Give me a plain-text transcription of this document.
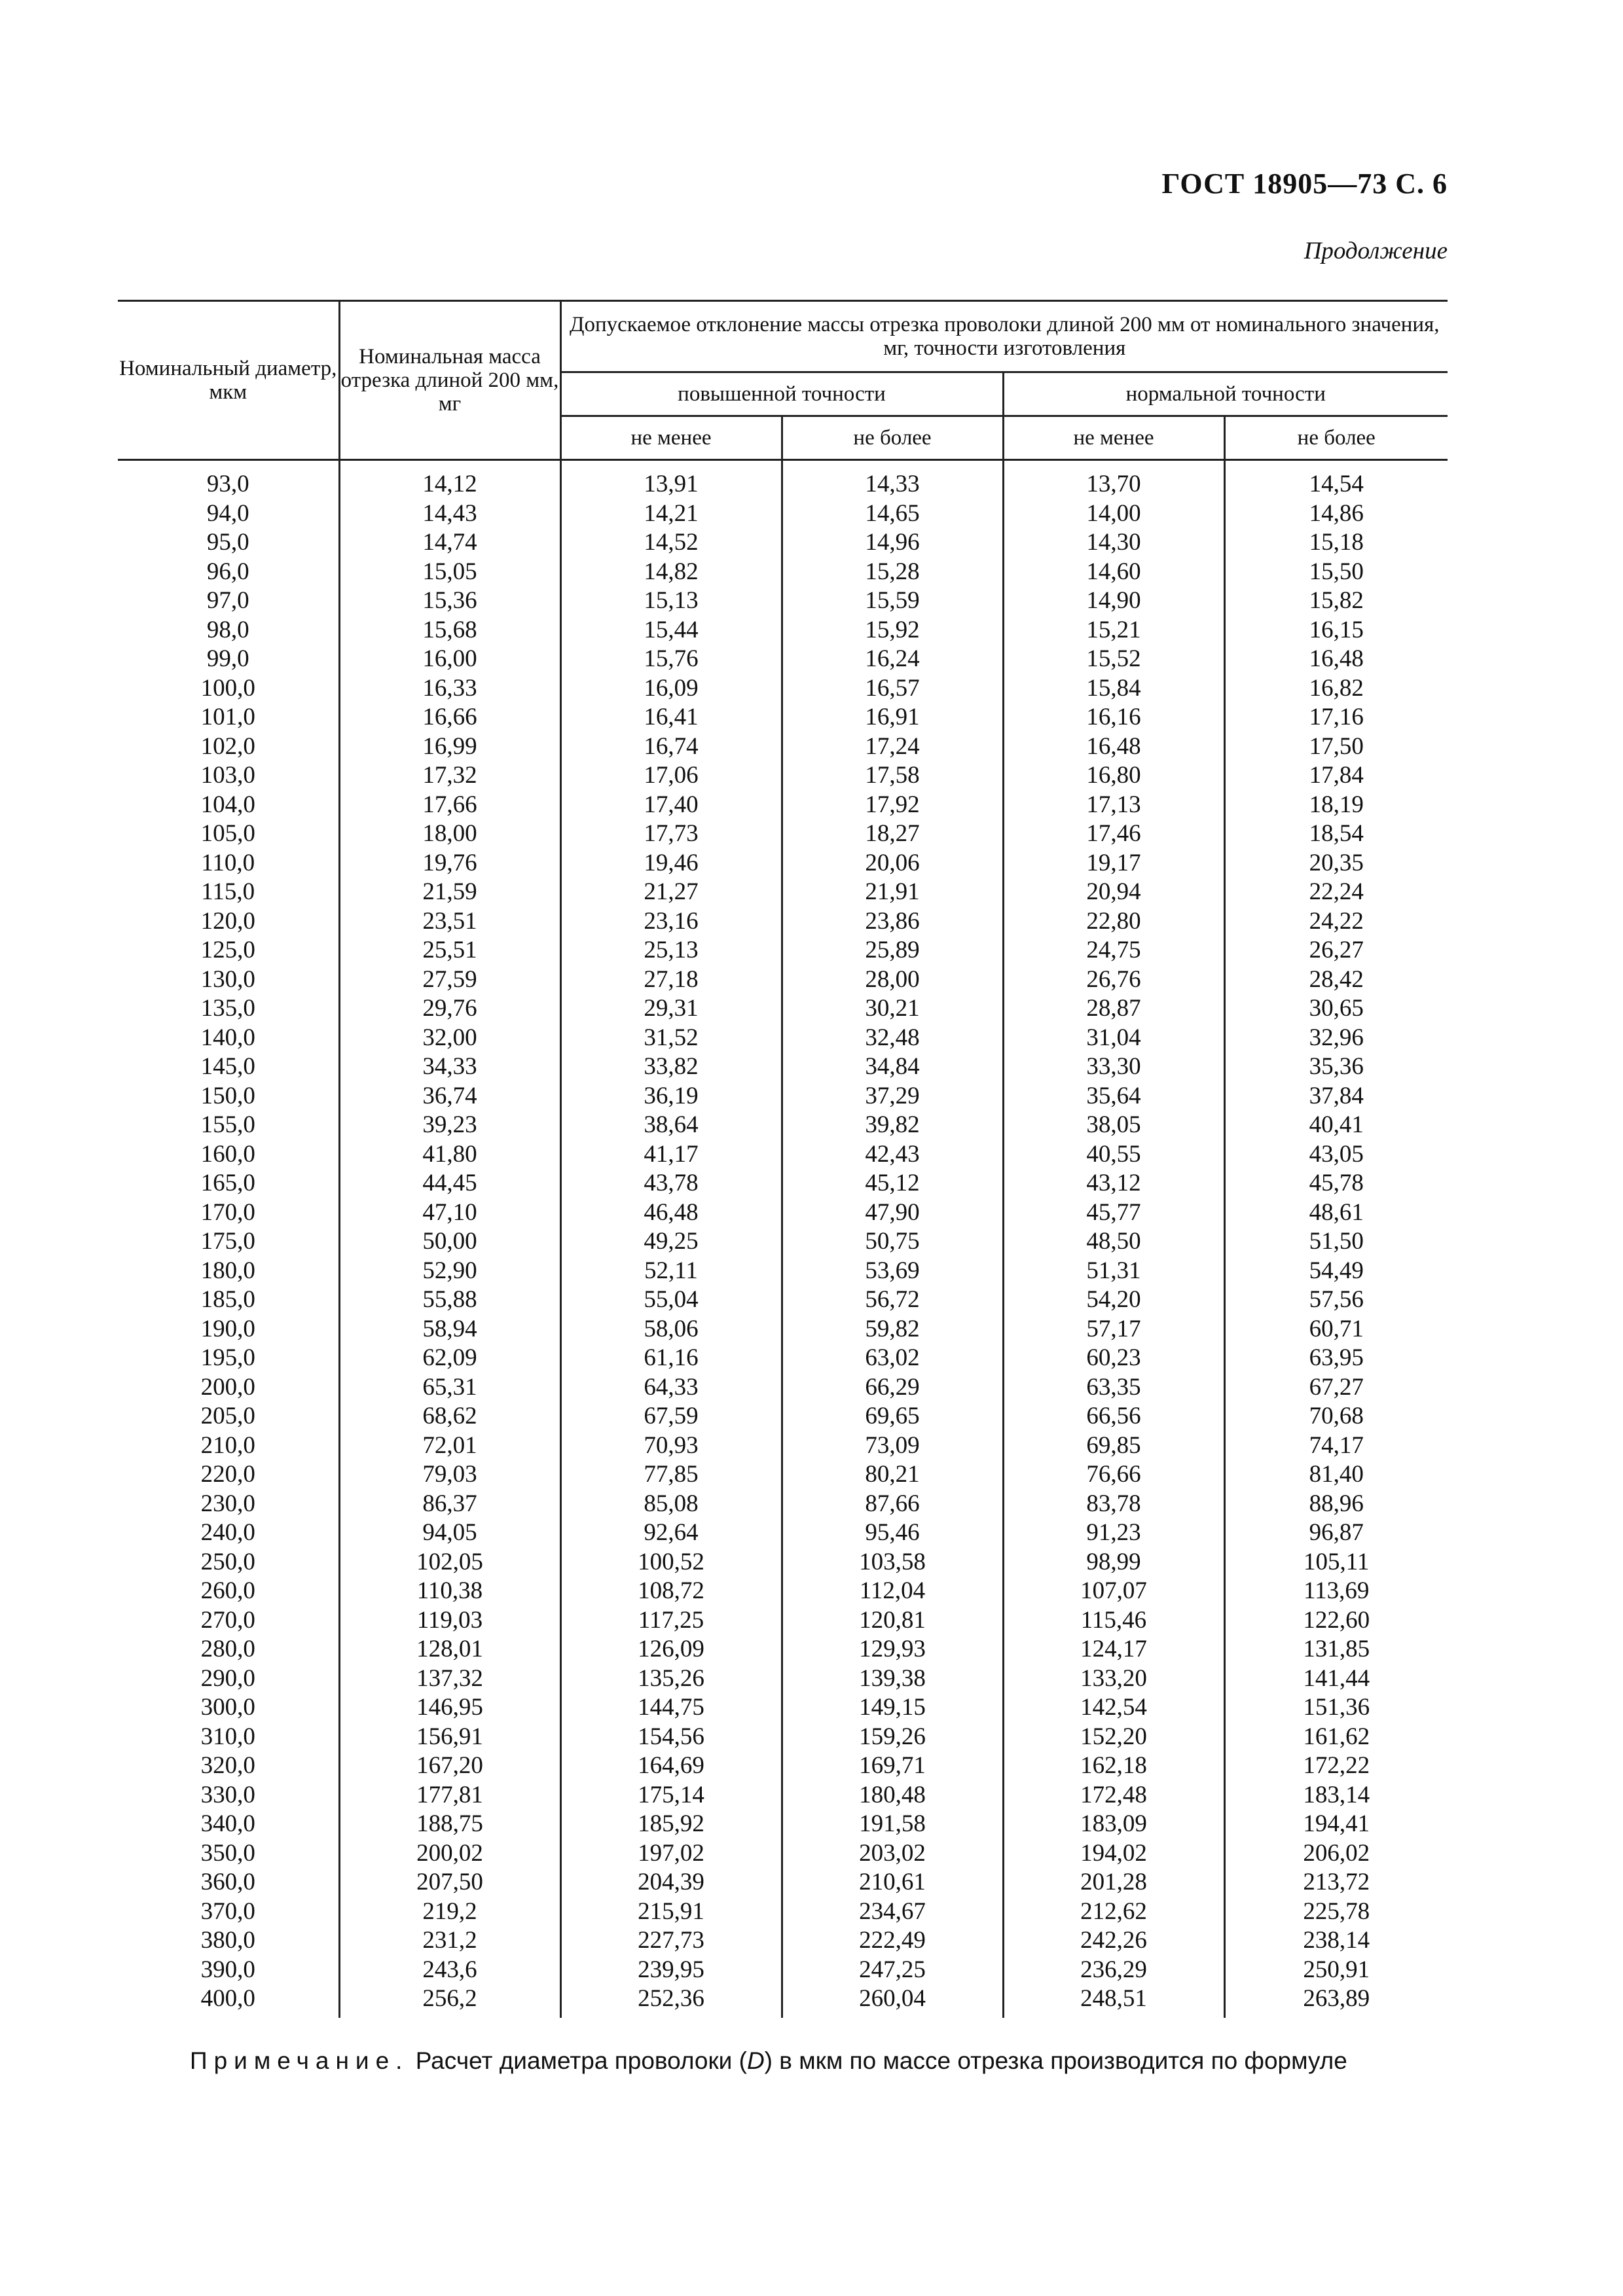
ГОСТ 18905—73 С. 6
Продолжение
Номинальный диаметр, мкм	Номинальная масса отрезка длиной 200 мм, мг	Допускаемое отклонение массы отрезка проволоки длиной 200 мм от номинального значения, мг, точности изготовления			
		повышенной точности		нормальной точности	
		не менее	не более	не менее	не более
93,0	14,12	13,91	14,33	13,70	14,54
94,0	14,43	14,21	14,65	14,00	14,86
95,0	14,74	14,52	14,96	14,30	15,18
96,0	15,05	14,82	15,28	14,60	15,50
97,0	15,36	15,13	15,59	14,90	15,82
98,0	15,68	15,44	15,92	15,21	16,15
99,0	16,00	15,76	16,24	15,52	16,48
100,0	16,33	16,09	16,57	15,84	16,82
101,0	16,66	16,41	16,91	16,16	17,16
102,0	16,99	16,74	17,24	16,48	17,50
103,0	17,32	17,06	17,58	16,80	17,84
104,0	17,66	17,40	17,92	17,13	18,19
105,0	18,00	17,73	18,27	17,46	18,54
110,0	19,76	19,46	20,06	19,17	20,35
115,0	21,59	21,27	21,91	20,94	22,24
120,0	23,51	23,16	23,86	22,80	24,22
125,0	25,51	25,13	25,89	24,75	26,27
130,0	27,59	27,18	28,00	26,76	28,42
135,0	29,76	29,31	30,21	28,87	30,65
140,0	32,00	31,52	32,48	31,04	32,96
145,0	34,33	33,82	34,84	33,30	35,36
150,0	36,74	36,19	37,29	35,64	37,84
155,0	39,23	38,64	39,82	38,05	40,41
160,0	41,80	41,17	42,43	40,55	43,05
165,0	44,45	43,78	45,12	43,12	45,78
170,0	47,10	46,48	47,90	45,77	48,61
175,0	50,00	49,25	50,75	48,50	51,50
180,0	52,90	52,11	53,69	51,31	54,49
185,0	55,88	55,04	56,72	54,20	57,56
190,0	58,94	58,06	59,82	57,17	60,71
195,0	62,09	61,16	63,02	60,23	63,95
200,0	65,31	64,33	66,29	63,35	67,27
205,0	68,62	67,59	69,65	66,56	70,68
210,0	72,01	70,93	73,09	69,85	74,17
220,0	79,03	77,85	80,21	76,66	81,40
230,0	86,37	85,08	87,66	83,78	88,96
240,0	94,05	92,64	95,46	91,23	96,87
250,0	102,05	100,52	103,58	98,99	105,11
260,0	110,38	108,72	112,04	107,07	113,69
270,0	119,03	117,25	120,81	115,46	122,60
280,0	128,01	126,09	129,93	124,17	131,85
290,0	137,32	135,26	139,38	133,20	141,44
300,0	146,95	144,75	149,15	142,54	151,36
310,0	156,91	154,56	159,26	152,20	161,62
320,0	167,20	164,69	169,71	162,18	172,22
330,0	177,81	175,14	180,48	172,48	183,14
340,0	188,75	185,92	191,58	183,09	194,41
350,0	200,02	197,02	203,02	194,02	206,02
360,0	207,50	204,39	210,61	201,28	213,72
370,0	219,2	215,91	234,67	212,62	225,78
380,0	231,2	227,73	222,49	242,26	238,14
390,0	243,6	239,95	247,25	236,29	250,91
400,0	256,2	252,36	260,04	248,51	263,89
Примечание. Расчет диаметра проволоки (D) в мкм по массе отрезка производится по формуле
